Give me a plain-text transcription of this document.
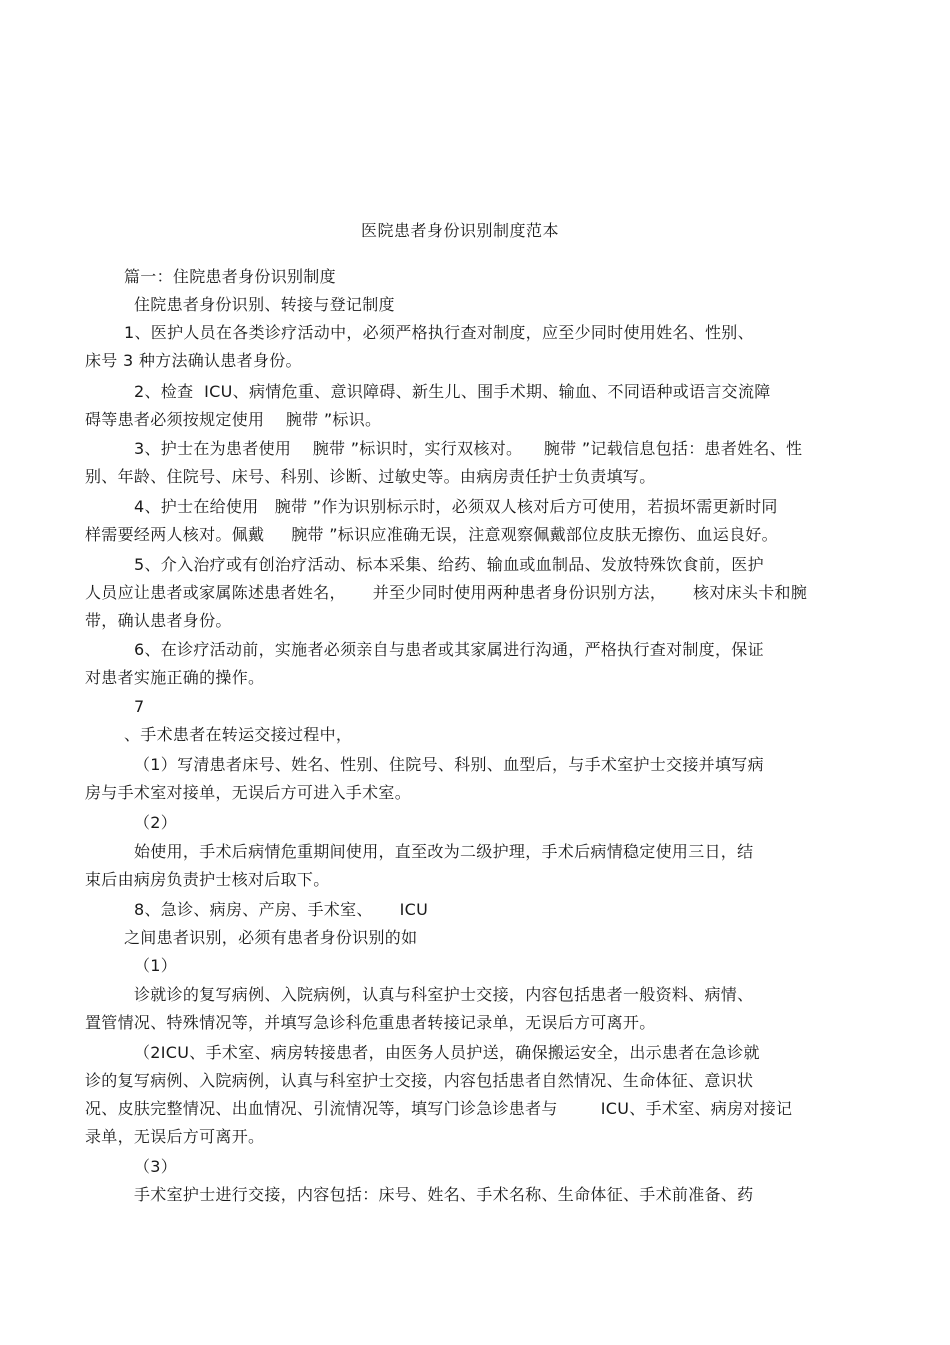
医院患者身份识别制度范本
篇一：住院患者身份识别制度
住院患者身份识别、转接与登记制度
1、医护人员在各类诊疗活动中，必须严格执行查对制度，应至少同时使用姓名、性别、
床号 3 种方法确认患者身份。
2、检查  ICU、病情危重、意识障碍、新生儿、围手术期、输血、不同语种或语言交流障
碍等患者必须按规定使用    腕带 ”标识。
3、护士在为患者使用    腕带 ”标识时，实行双核对。    腕带 ”记载信息包括：患者姓名、性
别、年龄、住院号、床号、科别、诊断、过敏史等。由病房责任护士负责填写。
4、护士在给使用   腕带 ”作为识别标示时，必须双人核对后方可使用，若损坏需更新时同
样需要经两人核对。佩戴     腕带 ”标识应准确无误，注意观察佩戴部位皮肤无擦伤、血运良好。
5、介入治疗或有创治疗活动、标本采集、给药、输血或血制品、发放特殊饮食前，医护
人员应让患者或家属陈述患者姓名，     并至少同时使用两种患者身份识别方法，     核对床头卡和腕
带，确认患者身份。
6、在诊疗活动前，实施者必须亲自与患者或其家属进行沟通，严格执行查对制度，保证
对患者实施正确的操作。
7
、手术患者在转运交接过程中，
（1）写清患者床号、姓名、性别、住院号、科别、血型后，与手术室护士交接并填写病
房与手术室对接单，无误后方可进入手术室。
（2）
始使用，手术后病情危重期间使用，直至改为二级护理，手术后病情稳定使用三日，结
束后由病房负责护士核对后取下。
8、急诊、病房、产房、手术室、     ICU
之间患者识别，必须有患者身份识别的如
（1）
诊就诊的复写病例、入院病例，认真与科室护士交接，内容包括患者一般资料、病情、
置管情况、特殊情况等，并填写急诊科危重患者转接记录单，无误后方可离开。
（2ICU、手术室、病房转接患者，由医务人员护送，确保搬运安全，出示患者在急诊就
诊的复写病例、入院病例，认真与科室护士交接，内容包括患者自然情况、生命体征、意识状
况、皮肤完整情况、出血情况、引流情况等，填写门诊急诊患者与        ICU、手术室、病房对接记
录单，无误后方可离开。
（3）
手术室护士进行交接，内容包括：床号、姓名、手术名称、生命体征、手术前准备、药
